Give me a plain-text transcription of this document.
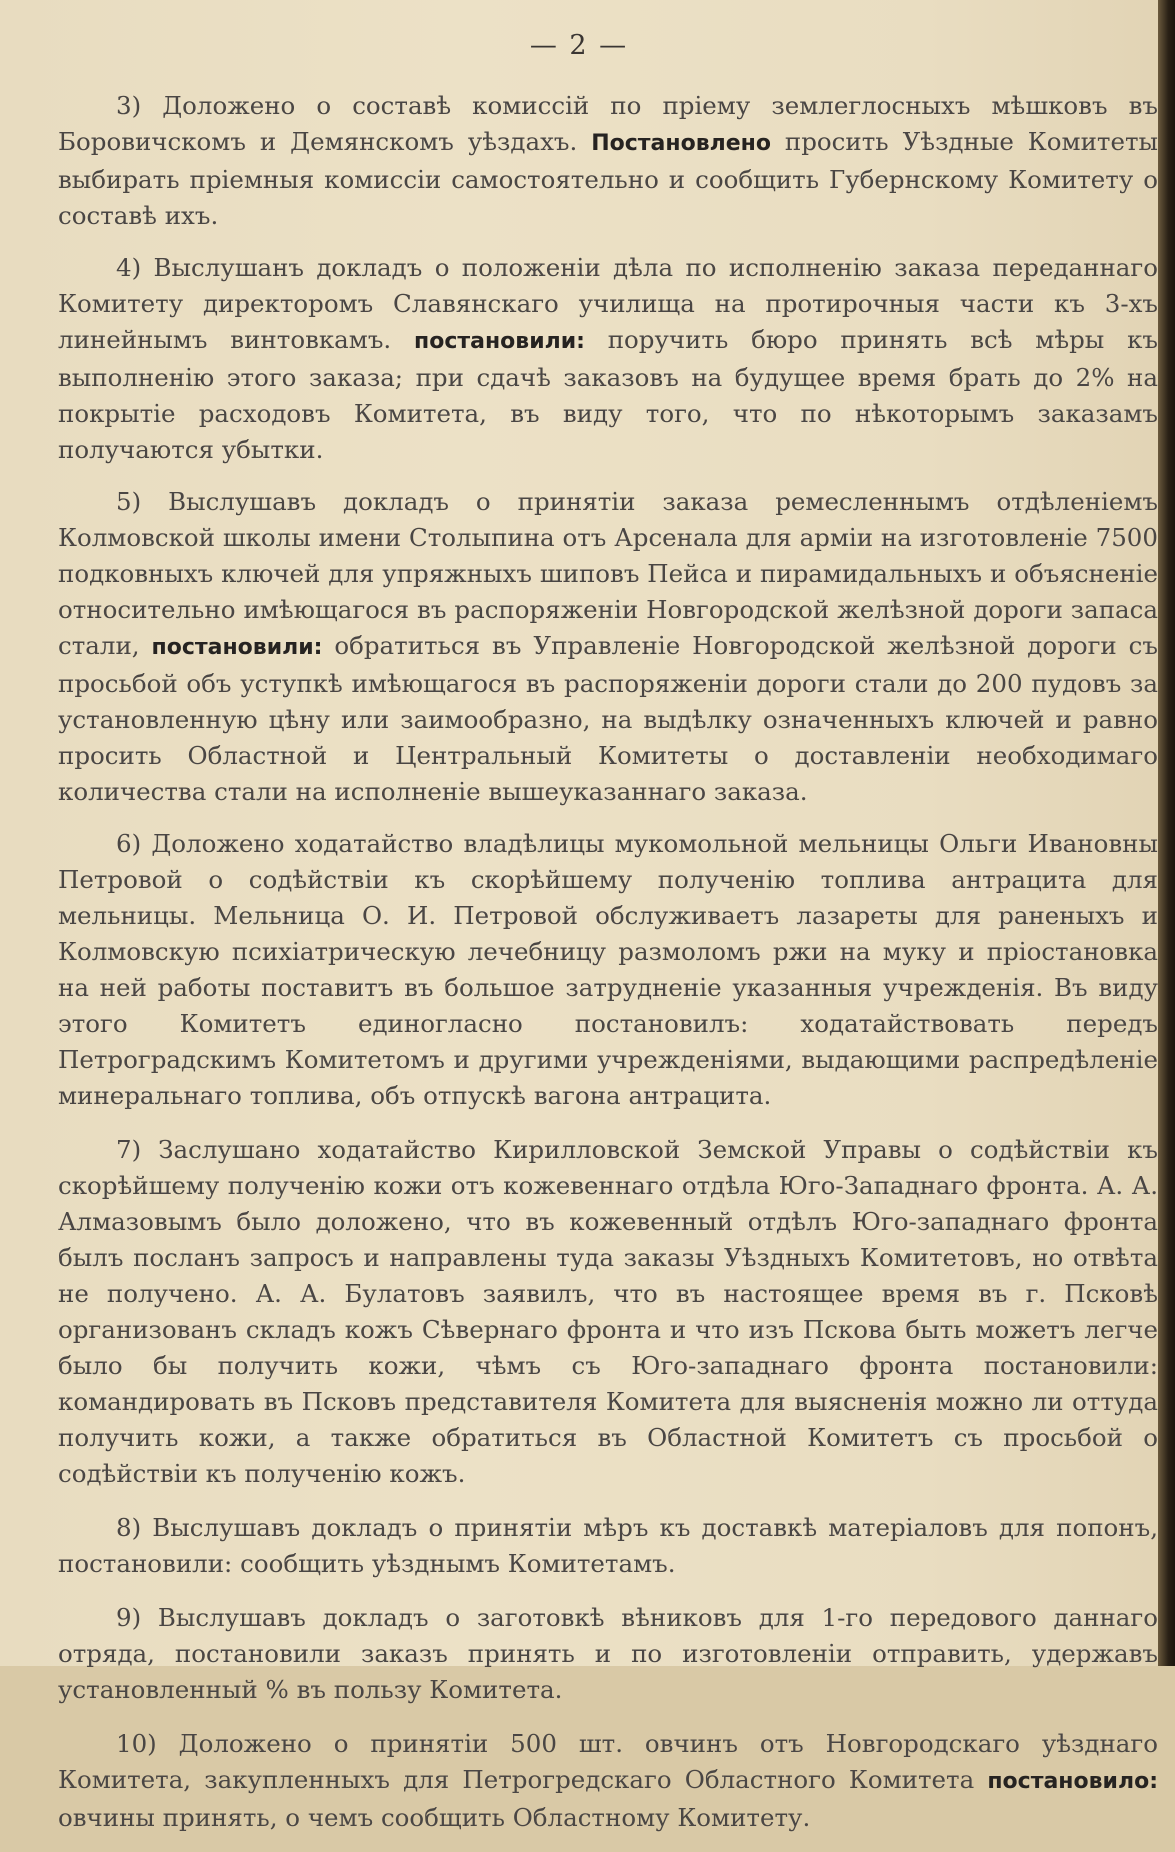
— 2 —

3) Доложено о составѣ комиссій по пріему землеглосныхъ мѣшковъ въ Боровичскомъ и Демянскомъ уѣздахъ. Постановлено просить Уѣздные Комитеты выбирать пріемныя комиссіи самостоятельно и сообщить Губернскому Комитету о составѣ ихъ.

4) Выслушанъ докладъ о положеніи дѣла по исполненію заказа переданнаго Комитету директоромъ Славянскаго училища на протирочныя части къ 3-хъ линейнымъ винтовкамъ. постановили: поручить бюро принять всѣ мѣры къ выполненію этого заказа; при сдачѣ заказовъ на будущее время брать до 2% на покрытіе расходовъ Комитета, въ виду того, что по нѣкоторымъ заказамъ получаются убытки.

5) Выслушавъ докладъ о принятіи заказа ремесленнымъ отдѣленіемъ Колмовской школы имени Столыпина отъ Арсенала для арміи на изготовленіе 7500 подковныхъ ключей для упряжныхъ шиповъ Пейса и пирамидальныхъ и объясненіе относительно имѣющагося въ распоряженіи Новгородской желѣзной дороги запаса стали, постановили: обратиться въ Управленіе Новгородской желѣзной дороги съ просьбой объ уступкѣ имѣющагося въ распоряженіи дороги стали до 200 пудовъ за установленную цѣну или заимообразно, на выдѣлку означенныхъ ключей и равно просить Областной и Центральный Комитеты о доставленіи необходимаго количества стали на исполненіе вышеуказаннаго заказа.

6) Доложено ходатайство владѣлицы мукомольной мельницы Ольги Ивановны Петровой о содѣйствіи къ скорѣйшему полученію топлива антрацита для мельницы. Мельница О. И. Петровой обслуживаетъ лазареты для раненыхъ и Колмовскую психіатрическую лечебницу размоломъ ржи на муку и пріостановка на ней работы поставитъ въ большое затрудненіе указанныя учрежденія. Въ виду этого Комитетъ единогласно постановилъ: ходатайствовать передъ Петроградскимъ Комитетомъ и другими учрежденіями, выдающими распредѣленіе минеральнаго топлива, объ отпускѣ вагона антрацита.

7) Заслушано ходатайство Кирилловской Земской Управы о содѣйствіи къ скорѣйшему полученію кожи отъ кожевеннаго отдѣла Юго-Западнаго фронта. А. А. Алмазовымъ было доложено, что въ кожевенный отдѣлъ Юго-западнаго фронта былъ посланъ запросъ и направлены туда заказы Уѣздныхъ Комитетовъ, но отвѣта не получено. А. А. Булатовъ заявилъ, что въ настоящее время въ г. Псковѣ организованъ складъ кожъ Сѣвернаго фронта и что изъ Пскова быть можетъ легче было бы получить кожи, чѣмъ съ Юго-западнаго фронта постановили: командировать въ Псковъ представителя Комитета для выясненія можно ли оттуда получить кожи, а также обратиться въ Областной Комитетъ съ просьбой о содѣйствіи къ полученію кожъ.

8) Выслушавъ докладъ о принятіи мѣръ къ доставкѣ матеріаловъ для попонъ, постановили: сообщить уѣзднымъ Комитетамъ.

9) Выслушавъ докладъ о заготовкѣ вѣниковъ для 1-го передового даннаго отряда, постановили заказъ принять и по изготовленіи отправить, удержавъ установленный % въ пользу Комитета.

10) Доложено о принятіи 500 шт. овчинъ отъ Новгородскаго уѣзднаго Комитета, закупленныхъ для Петрогредскаго Областного Комитета постановило: овчины принять, о чемъ сообщить Областному Комитету.
